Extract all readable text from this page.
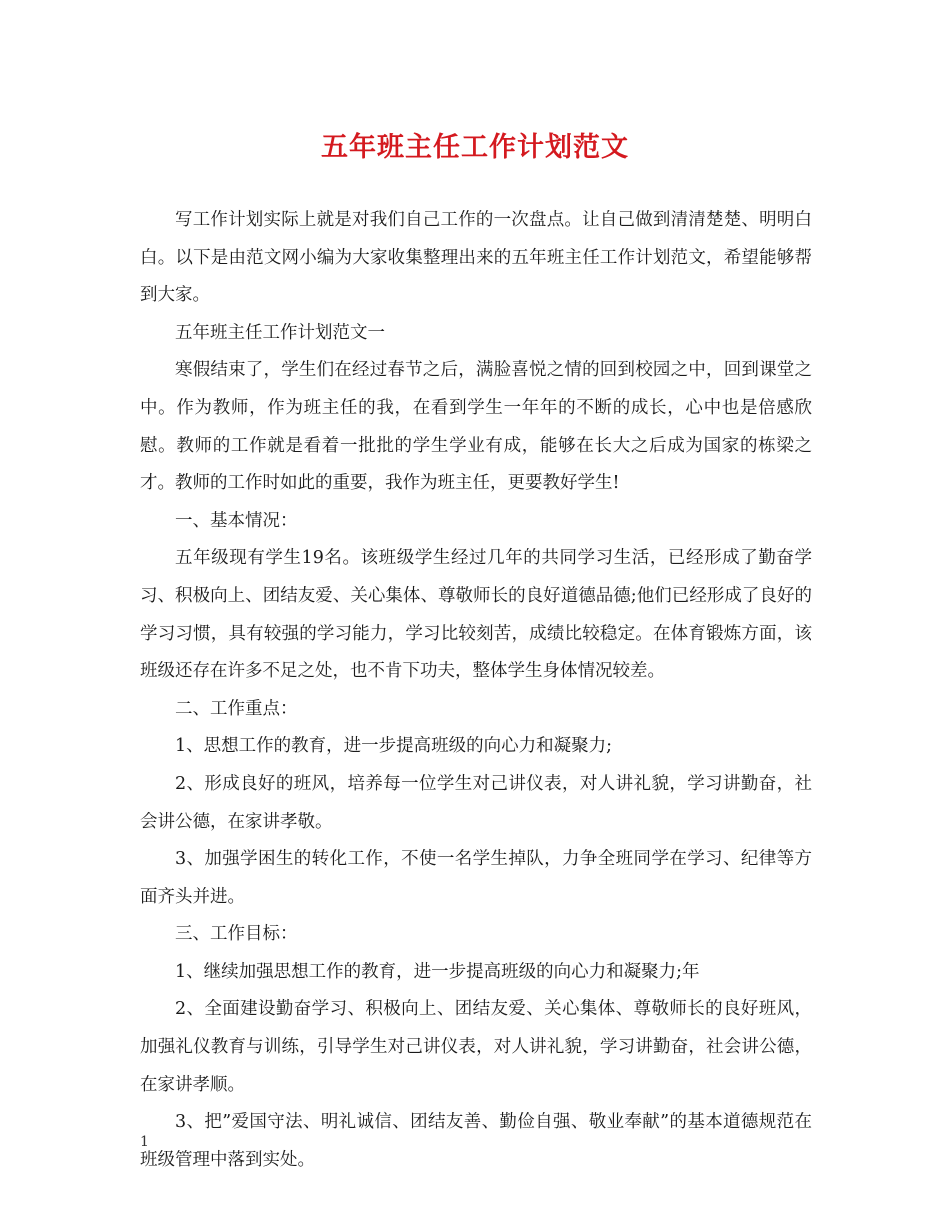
五年班主任工作计划范文

写工作计划实际上就是对我们自己工作的一次盘点。让自己做到清清楚楚、明明白白。以下是由范文网小编为大家收集整理出来的五年班主任工作计划范文，希望能够帮到大家。

五年班主任工作计划范文一

寒假结束了，学生们在经过春节之后，满脸喜悦之情的回到校园之中，回到课堂之中。作为教师，作为班主任的我，在看到学生一年年的不断的成长，心中也是倍感欣慰。教师的工作就是看着一批批的学生学业有成，能够在长大之后成为国家的栋梁之才。教师的工作时如此的重要，我作为班主任，更要教好学生!

一、基本情况：

五年级现有学生19名。该班级学生经过几年的共同学习生活，已经形成了勤奋学习、积极向上、团结友爱、关心集体、尊敬师长的良好道德品德;他们已经形成了良好的学习习惯，具有较强的学习能力，学习比较刻苦，成绩比较稳定。在体育锻炼方面，该班级还存在许多不足之处，也不肯下功夫，整体学生身体情况较差。

二、工作重点：

1、思想工作的教育，进一步提高班级的向心力和凝聚力;

2、形成良好的班风，培养每一位学生对己讲仪表，对人讲礼貌，学习讲勤奋，社会讲公德，在家讲孝敬。

3、加强学困生的转化工作，不使一名学生掉队，力争全班同学在学习、纪律等方面齐头并进。

三、工作目标：

1、继续加强思想工作的教育，进一步提高班级的向心力和凝聚力;年

2、全面建设勤奋学习、积极向上、团结友爱、关心集体、尊敬师长的良好班风，加强礼仪教育与训练，引导学生对己讲仪表，对人讲礼貌，学习讲勤奋，社会讲公德，在家讲孝顺。

3、把”爱国守法、明礼诚信、团结友善、勤俭自强、敬业奉献”的基本道德规范在班级管理中落到实处。

1
